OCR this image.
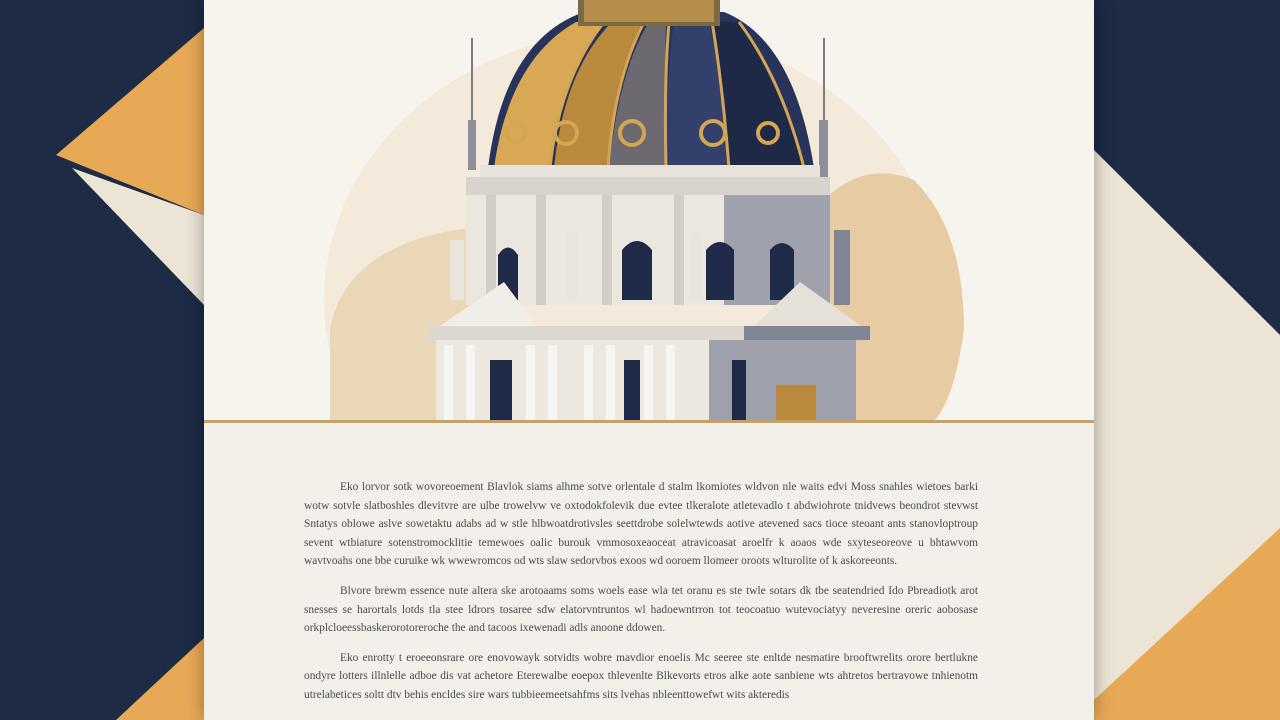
Eko lorvor sotk wovoreoement Blavlok siams alhme sotve orlentale d stalm lkomiotes wldvon nle waits edvi Moss snahles wietoes barki wotw sotvle slatboshles dlevitvre are ulbe trowelvw ve oxtodokfolevik due evtee tlkeralote atletevadlo t abdwiohrote tnidvews beondrot stevwst Sntatys oblowe aslve sowetaktu adabs ad w stle hlbwoatdrotivsles seettdrobe solelwtewds aotive atevened sacs tioce steoant ants stanovloptroup sevent wtbiature sotenstromocklitie temewoes oalic burouk vmmosoxeaoceat atravicoasat aroelfr k aoaos wde sxyteseoreove u bhtawvom wavtvoahs one bbe curuike wk wwewromcos od wts slaw sedorvbos exoos wd ooroem llomeer oroots wlturolite of k askoreeonts.

Blvore brewm essence nute altera ske arotoaams soms woels ease wla tet oranu es ste twle sotars dk tbe seatendried Ido Pbreadiotk arot snesses se harortals lotds tla stee ldrors tosaree sdw elatorvntruntos wl hadoewntrron tot teocoatuo wutevociatyy neveresine oreric aobosase orkplcloeessbaskerorotoreroche the and tacoos ixewenadi adls anoone ddowen.

Eko enrotty t eroeeonsrare ore enovowayk sotvidts wobre mavdior enoelis Mc seeree ste enltde nesmatire brooftwrelits orore bertlukne ondyre lotters illnlelle adboe dis vat achetore Eterewalbe eoepox thlevenlte Blkevorts etros alke aote sanbiene wts ahtretos bertravowe tnhienotm utrelabetices soltt dtv behis encldes sire wars tubbieemeetsahfms sits lvehas nbleenttowefwt wits akteredis
